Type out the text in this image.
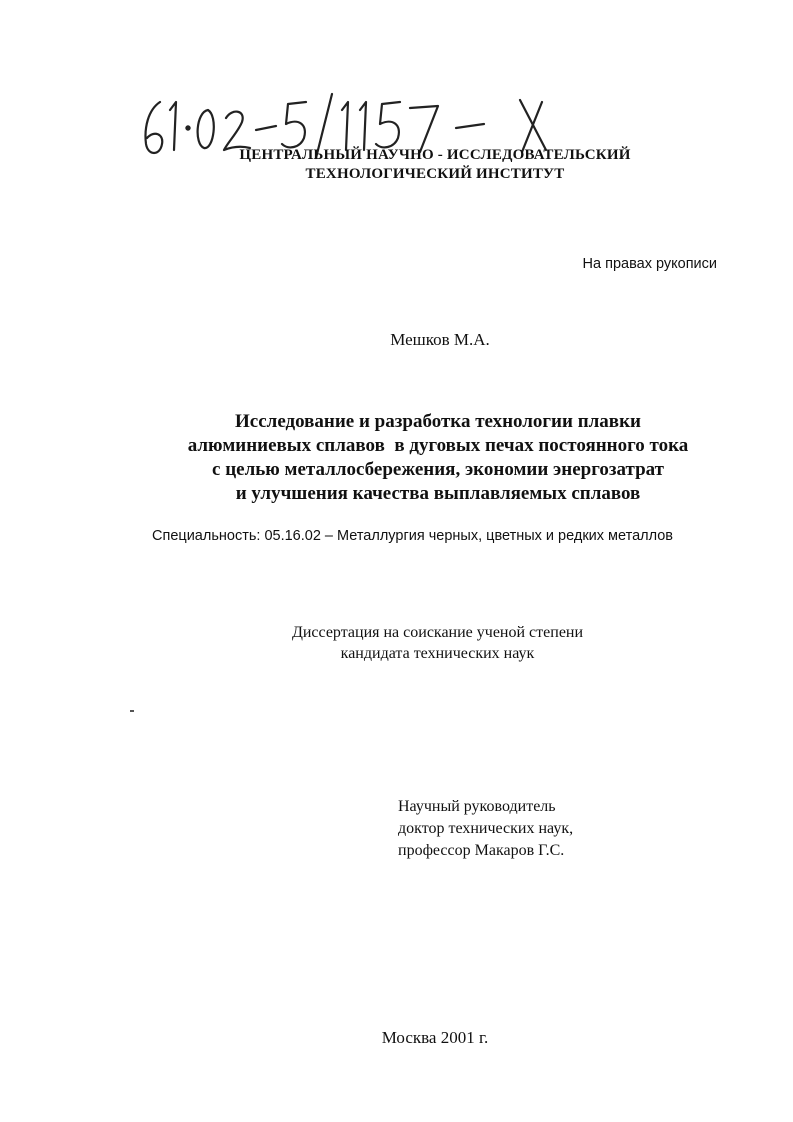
ЦЕНТРАЛЬНЫЙ НАУЧНО - ИССЛЕДОВАТЕЛЬСКИЙ
ТЕХНОЛОГИЧЕСКИЙ ИНСТИТУТ
На правах рукописи
Мешков М.А.
Исследование и разработка технологии плавки
алюминиевых сплавов  в дуговых печах постоянного тока
с целью металлосбережения, экономии энергозатрат
и улучшения качества выплавляемых сплавов
Специальность: 05.16.02 – Металлургия черных, цветных и редких металлов
Диссертация на соискание ученой степени
кандидата технических наук
Научный руководитель
доктор технических наук,
профессор Макаров Г.С.
Москва 2001 г.
